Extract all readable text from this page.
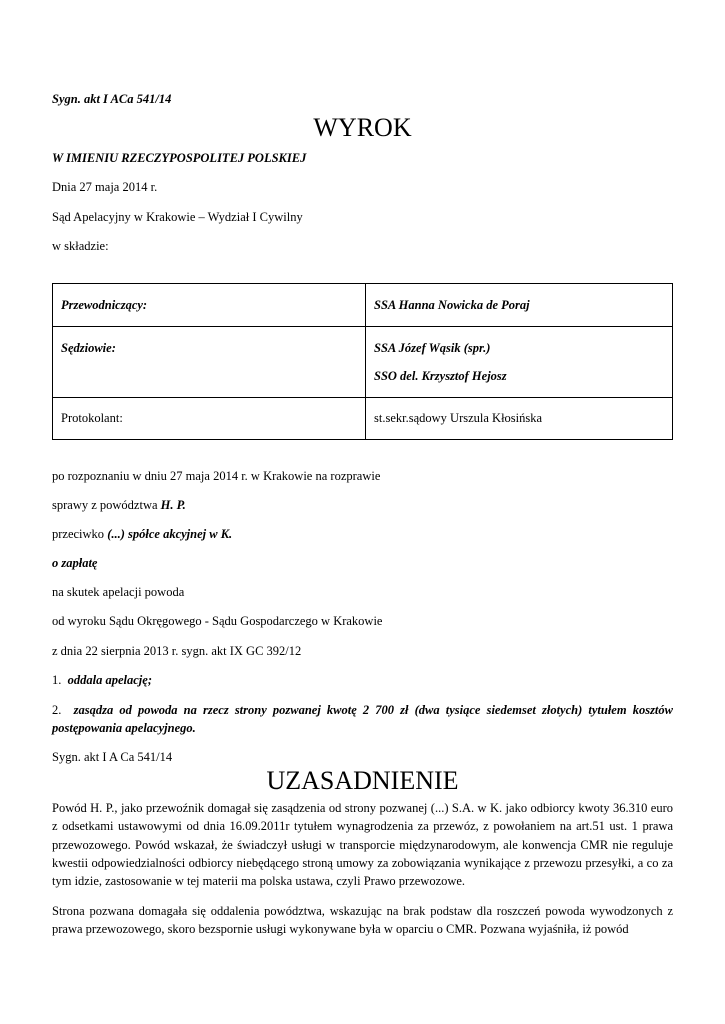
Sygn. akt I ACa 541/14
WYROK
W IMIENIU RZECZYPOSPOLITEJ POLSKIEJ
Dnia 27 maja 2014 r.
Sąd Apelacyjny w Krakowie – Wydział I Cywilny
w składzie:

Przewodniczący:	SSA Hanna Nowicka de Poraj

Sędziowie:	SSA Józef Wąsik (spr.)

SSO del. Krzysztof Hejosz

Protokolant:	st.sekr.sądowy Urszula Kłosińska

po rozpoznaniu w dniu 27 maja 2014 r. w Krakowie na rozprawie
sprawy z powództwa H. P.
przeciwko (...) spółce akcyjnej w K.
o zapłatę
na skutek apelacji powoda
od wyroku Sądu Okręgowego - Sądu Gospodarczego w Krakowie
z dnia 22 sierpnia 2013 r. sygn. akt IX GC 392/12
1. oddala apelację;
2. zasądza od powoda na rzecz strony pozwanej kwotę 2 700 zł (dwa tysiące siedemset złotych) tytułem kosztów postępowania apelacyjnego.
Sygn. akt I A Ca 541/14
UZASADNIENIE

Powód H. P., jako przewoźnik domagał się zasądzenia od strony pozwanej (...) S.A. w K. jako odbiorcy kwoty 36.310 euro z odsetkami ustawowymi od dnia 16.09.2011r tytułem wynagrodzenia za przewóz, z powołaniem na art.51 ust. 1 prawa przewozowego. Powód wskazał, że świadczył usługi w transporcie międzynarodowym, ale konwencja CMR nie reguluje kwestii odpowiedzialności odbiorcy niebędącego stroną umowy za zobowiązania wynikające z przewozu przesyłki, a co za tym idzie, zastosowanie w tej materii ma polska ustawa, czyli Prawo przewozowe.

Strona pozwana domagała się oddalenia powództwa, wskazując na brak podstaw dla roszczeń powoda wywodzonych z prawa przewozowego, skoro bezspornie usługi wykonywane była w oparciu o CMR. Pozwana wyjaśniła, iż powód
